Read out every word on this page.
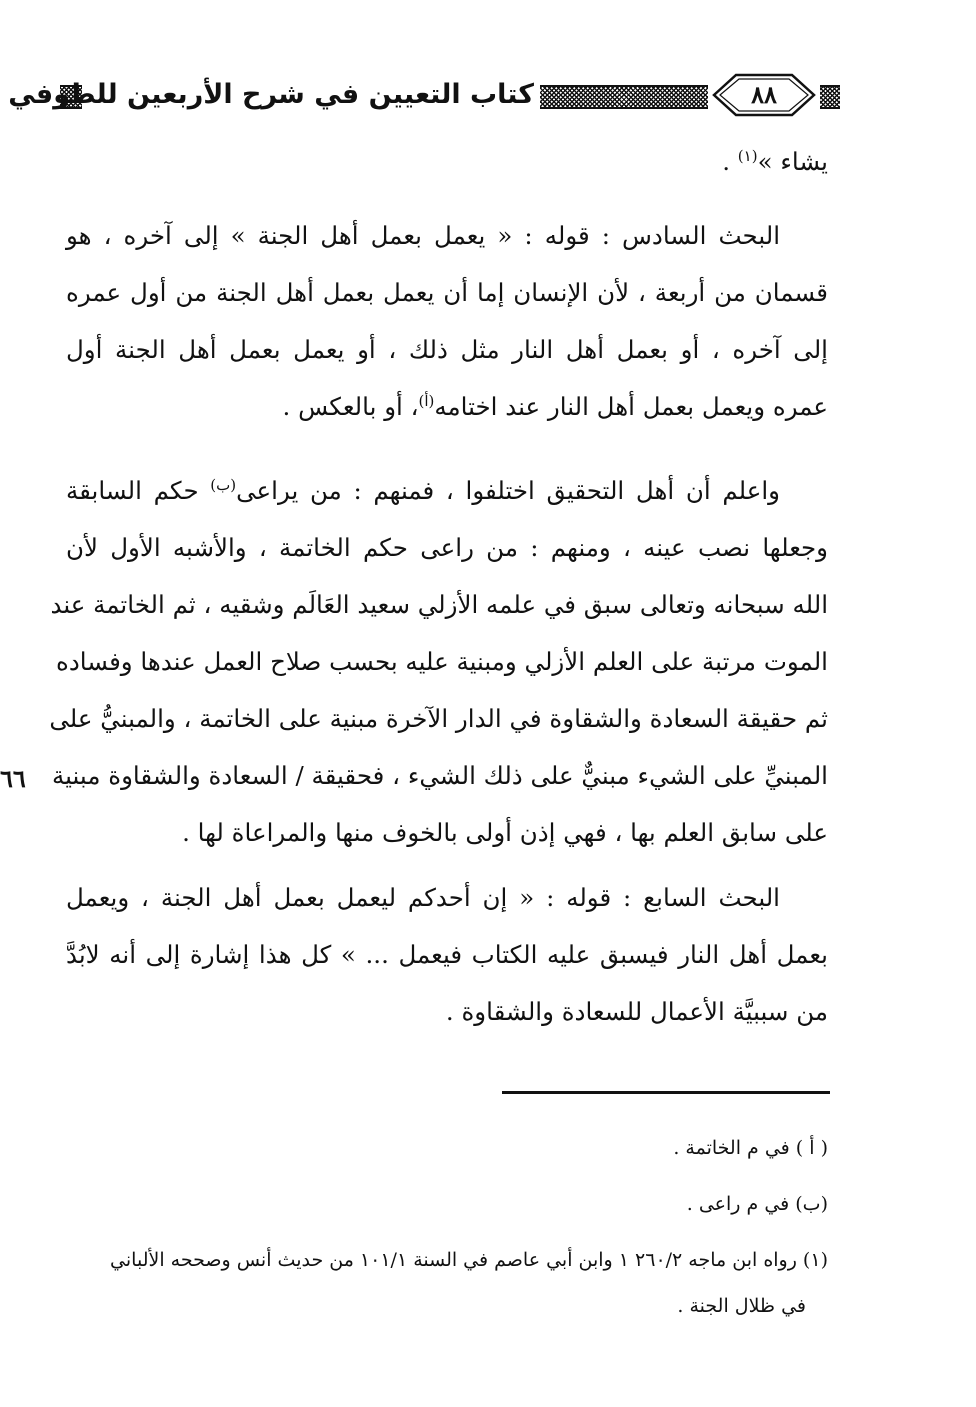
كتاب التعيين في شرح الأربعين للطوفي	٨٨
يشاء »$^{(١)}$ .
البحث السادس : قوله : « يعمل بعمل أهل الجنة » إلى آخره ، هو
قسمان من أربعة ، لأن الإنسان إما أن يعمل بعمل أهل الجنة من أول عمره
إلى آخره ، أو بعمل أهل النار مثل ذلك ، أو يعمل بعمل أهل الجنة أول
عمره ويعمل بعمل أهل النار عند اختامه$^{(أ)}$، أو بالعكس .
واعلم أن أهل التحقيق اختلفوا ، فمنهم : من يراعى$^{(ب)}$ حكم السابقة
وجعلها نصب عينه ، ومنهم : من راعى حكم الخاتمة ، والأشبه الأول لأن
الله سبحانه وتعالى سبق في علمه الأزلي سعيد العَالَم وشقيه ، ثم الخاتمة عند
الموت مرتبة على العلم الأزلي ومبنية عليه بحسب صلاح العمل عندها وفساده
ثم حقيقة السعادة والشقاوة في الدار الآخرة مبنية على الخاتمة ، والمبنيُّ على
المبنيِّ على الشيء مبنيٌّ على ذلك الشيء ، فحقيقة / السعادة والشقاوة مبنية
على سابق العلم بها ، فهي إذن أولى بالخوف منها والمراعاة لها .
البحث السابع : قوله : « إن أحدكم ليعمل بعمل أهل الجنة ، ويعمل
بعمل أهل النار فيسبق عليه الكتاب فيعمل ... » كل هذا إشارة إلى أنه لابُدَّ
من سببيَّة الأعمال للسعادة والشقاوة .
٦٦
( أ ) في م الخاتمة .
(ب) في م راعى .
(١) رواه ابن ماجه ٢٦٠/٢ ١ وابن أبي عاصم في السنة ١٠١/١ من حديث أنس وصححه الألباني
في ظلال الجنة .
